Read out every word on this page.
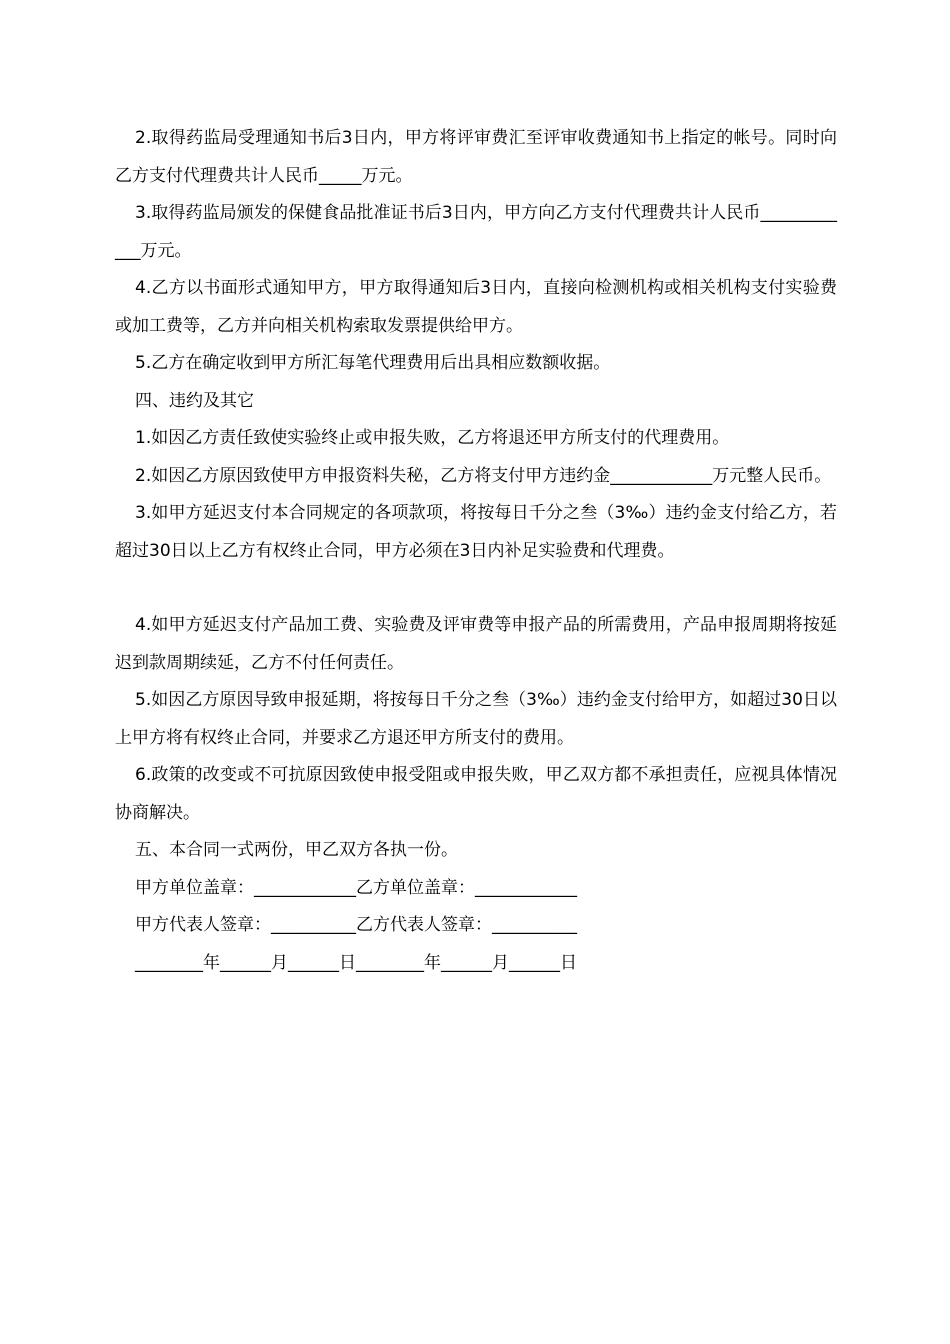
2.取得药监局受理通知书后3日内，甲方将评审费汇至评审收费通知书上指定的帐号。同时向乙方支付代理费共计人民币_____万元。

3.取得药监局颁发的保健食品批准证书后3日内，甲方向乙方支付代理费共计人民币____________万元。

4.乙方以书面形式通知甲方，甲方取得通知后3日内，直接向检测机构或相关机构支付实验费或加工费等，乙方并向相关机构索取发票提供给甲方。

5.乙方在确定收到甲方所汇每笔代理费用后出具相应数额收据。

四、违约及其它

1.如因乙方责任致使实验终止或申报失败，乙方将退还甲方所支付的代理费用。

2.如因乙方原因致使甲方申报资料失秘，乙方将支付甲方违约金____________万元整人民币。

3.如甲方延迟支付本合同规定的各项款项，将按每日千分之叁（3‰）违约金支付给乙方，若超过30日以上乙方有权终止合同，甲方必须在3日内补足实验费和代理费。

4.如甲方延迟支付产品加工费、实验费及评审费等申报产品的所需费用，产品申报周期将按延迟到款周期续延，乙方不付任何责任。

5.如因乙方原因导致申报延期，将按每日千分之叁（3‰）违约金支付给甲方，如超过30日以上甲方将有权终止合同，并要求乙方退还甲方所支付的费用。

6.政策的改变或不可抗原因致使申报受阻或申报失败，甲乙双方都不承担责任，应视具体情况协商解决。

五、本合同一式两份，甲乙双方各执一份。

甲方单位盖章：____________乙方单位盖章：____________

甲方代表人签章：__________乙方代表人签章：__________

________年______月______日________年______月______日
